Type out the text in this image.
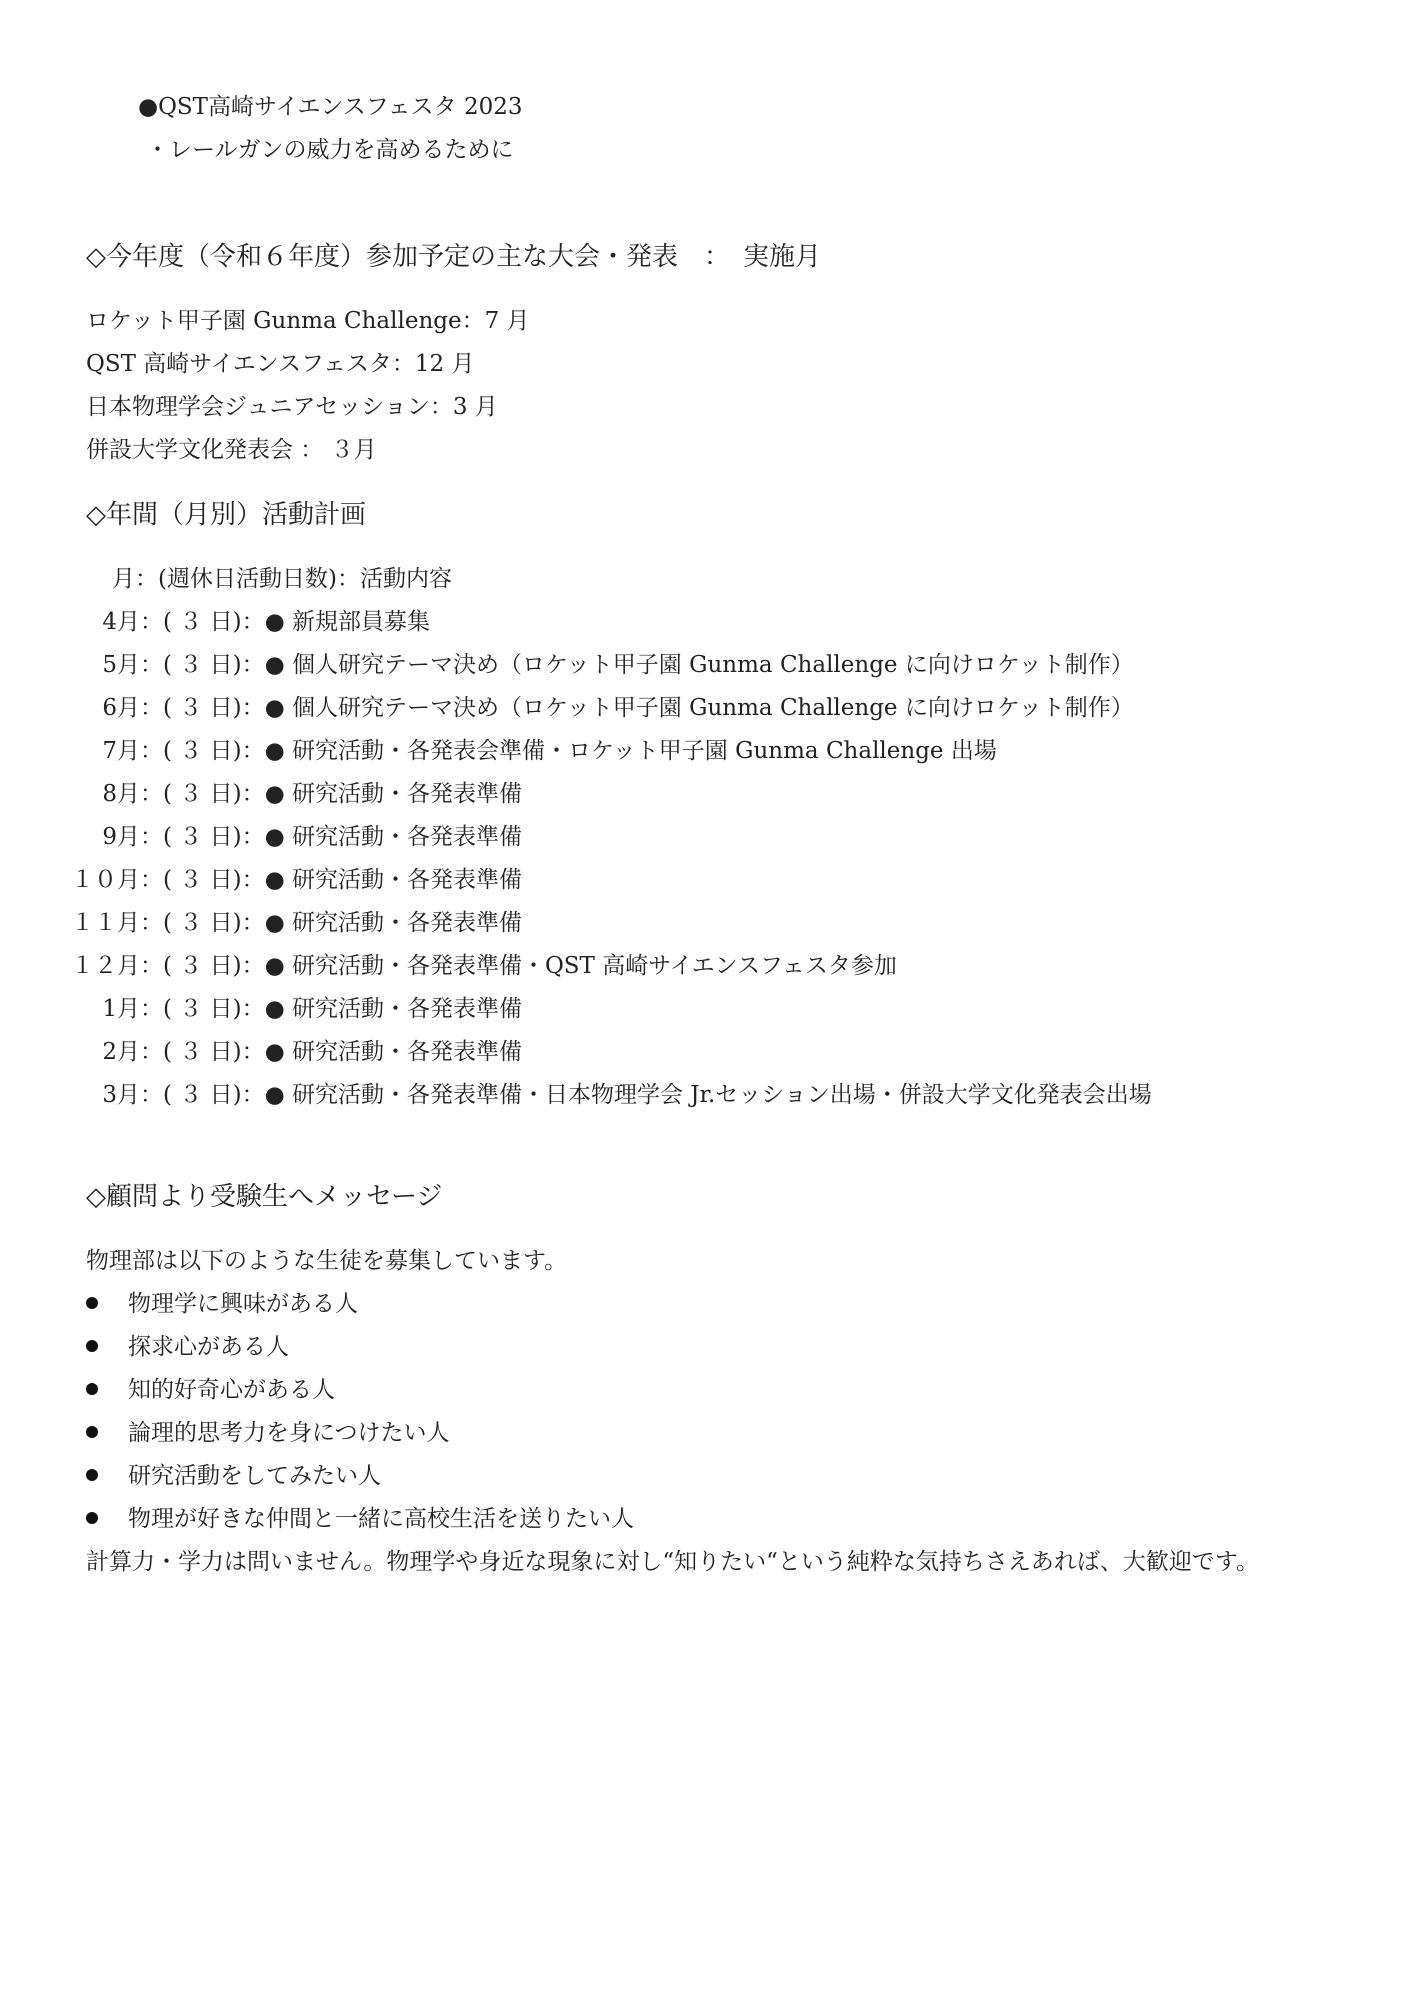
●QST高崎サイエンスフェスタ 2023
・レールガンの威力を高めるために
◇今年度（令和６年度）参加予定の主な大会・発表　：　実施月
ロケット甲子園 Gunma Challenge：7 月
QST 高崎サイエンスフェスタ：12 月
日本物理学会ジュニアセッション：3 月
併設大学文化発表会 ： ３月
◇年間（月別）活動計画
月：(週休日活動日数)：活動内容
4月：( ３ 日)：● 新規部員募集
5月：( ３ 日)：● 個人研究テーマ決め（ロケット甲子園 Gunma Challenge に向けロケット制作）
6月：( ３ 日)：● 個人研究テーマ決め（ロケット甲子園 Gunma Challenge に向けロケット制作）
7月：( ３ 日)：● 研究活動・各発表会準備・ロケット甲子園 Gunma Challenge 出場
8月：( ３ 日)：● 研究活動・各発表準備
9月：( ３ 日)：● 研究活動・各発表準備
１０月：( ３ 日)：● 研究活動・各発表準備
１１月：( ３ 日)：● 研究活動・各発表準備
１２月：( ３ 日)：● 研究活動・各発表準備・QST 高崎サイエンスフェスタ参加
1月：( ３ 日)：● 研究活動・各発表準備
2月：( ３ 日)：● 研究活動・各発表準備
3月：( ３ 日)：● 研究活動・各発表準備・日本物理学会 Jr.セッション出場・併設大学文化発表会出場
◇顧問より受験生へメッセージ
物理部は以下のような生徒を募集しています。
物理学に興味がある人
探求心がある人
知的好奇心がある人
論理的思考力を身につけたい人
研究活動をしてみたい人
物理が好きな仲間と一緒に高校生活を送りたい人
計算力・学力は問いません。物理学や身近な現象に対し“知りたい“という純粋な気持ちさえあれば、大歓迎です。
